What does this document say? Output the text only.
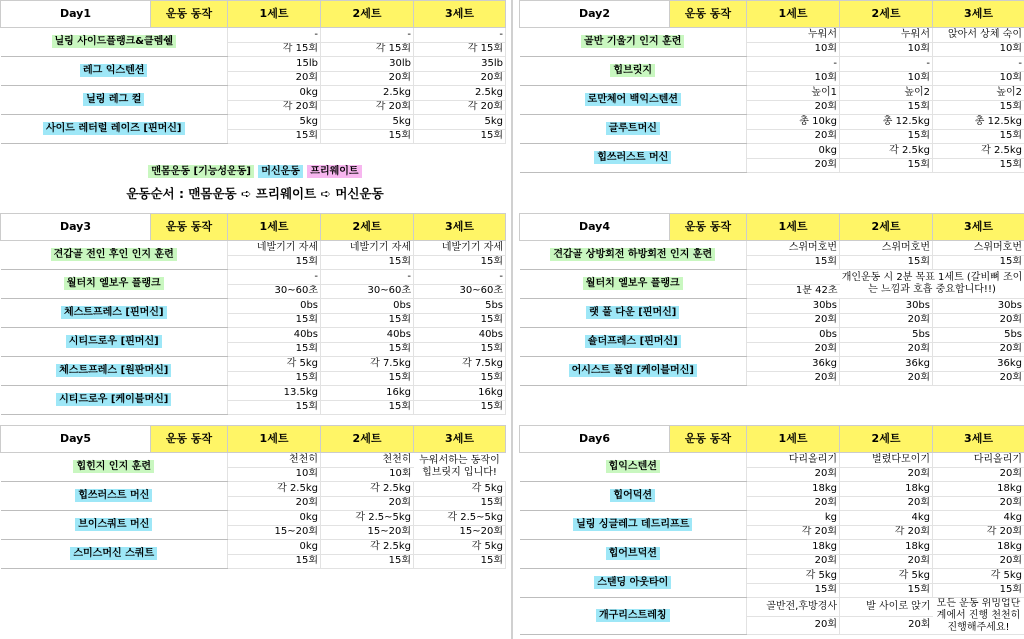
Day1	운동 동작	1세트	2세트	3세트	
닐링 사이드플랭크&클렘쉘		-	-	-	
		각 15회	각 15회	각 15회	
레그 익스텐션		15lb	30lb	35lb	
		20회	20회	20회	
닐링 레그 컬		0kg	2.5kg	2.5kg	
		각 20회	각 20회	각 20회	
사이드 레터럴 레이즈 [핀머신]		5kg	5kg	5kg	
		15회	15회	15회	
Day2	운동 동작	1세트	2세트	3세트	
골반 기울기 인지 훈련		누워서	누워서	앉아서 상체 숙이	
		10회	10회	10회	
힙브릿지		-	-	-	
		10회	10회	10회	
로만체어 백익스텐션		높이1	높이2	높이2	
		20회	15회	15회	
글루트머신		총 10kg	총 12.5kg	총 12.5kg	
		20회	15회	15회	
힙쓰러스트 머신		0kg	각 2.5kg	각 2.5kg	
		20회	15회	15회	
맨몸운동 [기능성운동] 머신운동 프리웨이트
운동순서 : 맨몸운동 ➪ 프리웨이트 ➪ 머신운동
Day3	운동 동작	1세트	2세트	3세트	
견갑골 전인 후인 인지 훈련		네발기기 자세	네발기기 자세	네발기기 자세	
		15회	15회	15회	
월터치 엘보우 플랭크		-	-	-	
		30~60초	30~60초	30~60초	
체스트프레스 [핀머신]		0bs	0bs	5bs	
		15회	15회	15회	
시티드로우 [핀머신]		40bs	40bs	40bs	
		15회	15회	15회	
체스트프레스 [원판머신]		각 5kg	각 7.5kg	각 7.5kg	
		15회	15회	15회	
시티드로우 [케이블머신]		13.5kg	16kg	16kg	
		15회	15회	15회	
Day4	운동 동작	1세트	2세트	3세트	
견갑골 상방회전 하방회전 인지 훈련		스위머호번	스위머호번	스위머호번	
		15회	15회	15회	
월터치 엘보우 플랭크			개인운동 시 2분 목표 1세트 (갈비뼈 조이는 느낌과 호흡 중요합니다!!)		
		1분 42초			
랫 풀 다운 [핀머신]		30bs	30bs	30bs	
		20회	20회	20회	
숄더프레스 [핀머신]		0bs	5bs	5bs	
		20회	20회	20회	
어시스트 풀업 [케이블머신]		36kg	36kg	36kg	
		20회	20회	20회	
Day5	운동 동작	1세트	2세트	3세트	
힙힌지 인지 훈련		천천히	천천히	누워서하는 동작이 힙브릿지 입니다!	
		10회	10회		
힙쓰러스트 머신		각 2.5kg	각 2.5kg	각 5kg	
		20회	20회	15회	
브이스쿼트 머신		0kg	각 2.5~5kg	각 2.5~5kg	
		15~20회	15~20회	15~20회	
스미스머신 스쿼트		0kg	각 2.5kg	각 5kg	
		15회	15회	15회	
Day6	운동 동작	1세트	2세트	3세트	
힙익스텐션		다리올리기	벌렸다모이기	다리올리기	
		20회	20회	20회	
힙어덕션		18kg	18kg	18kg	
		20회	20회	20회	
닐링 싱글레그 데드리프트		kg	4kg	4kg	
		각 20회	각 20회	각 20회	
힙어브덕션		18kg	18kg	18kg	
		20회	20회	20회	
스탠딩 아웃타이		각 5kg	각 5kg	각 5kg	
		15회	15회	15회	
개구리스트레칭		골반전,후방경사	발 사이로 앉기	모든 운동 위밍업단계에서 진행 천천히 진행해주세요!	
		20회	20회		
